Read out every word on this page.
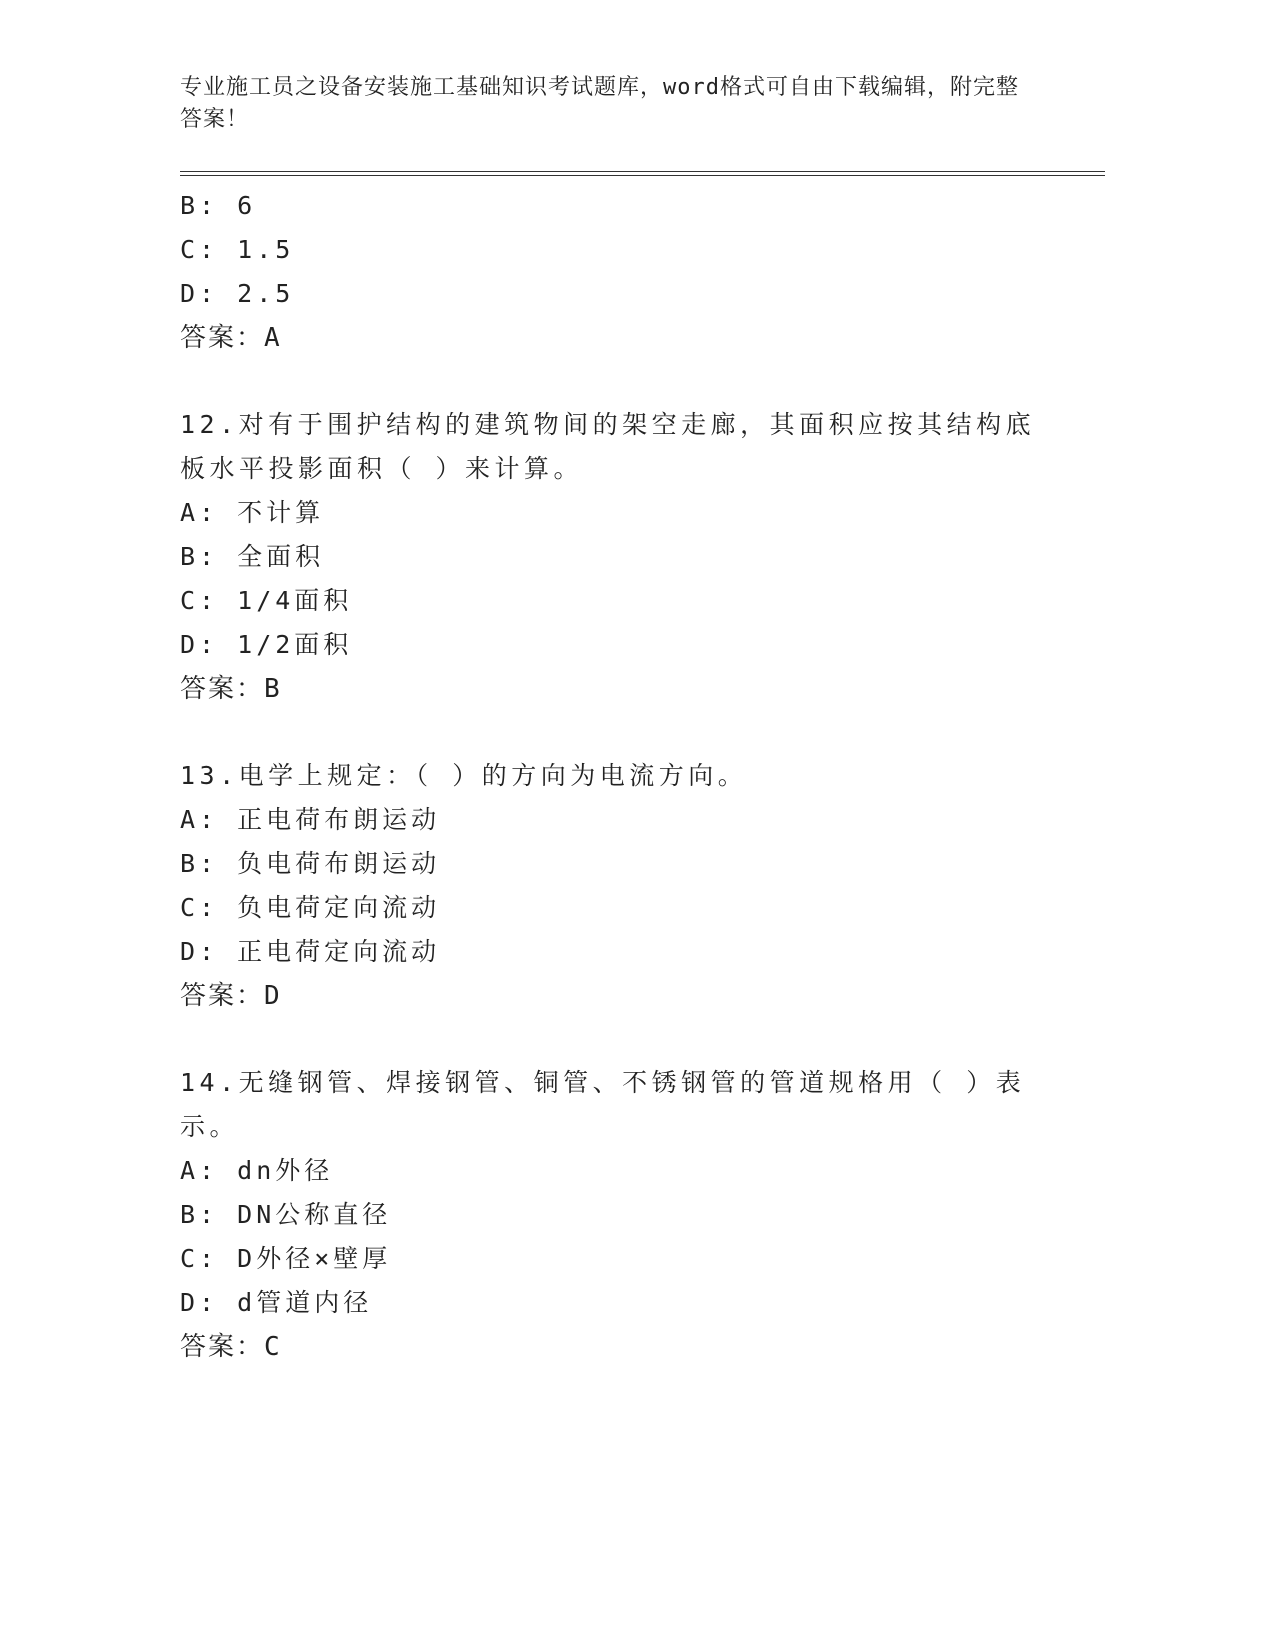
专业施工员之设备安装施工基础知识考试题库，word格式可自由下载编辑，附完整答案！
B: 6
C: 1.5
D: 2.5
答案：A
12.对有于围护结构的建筑物间的架空走廊，其面积应按其结构底板水平投影面积（ ）来计算。
A: 不计算
B: 全面积
C: 1/4面积
D: 1/2面积
答案：B
13.电学上规定：（ ）的方向为电流方向。
A: 正电荷布朗运动
B: 负电荷布朗运动
C: 负电荷定向流动
D: 正电荷定向流动
答案：D
14.无缝钢管、焊接钢管、铜管、不锈钢管的管道规格用（ ）表示。
A: dn外径
B: DN公称直径
C: D外径×壁厚
D: d管道内径
答案：C
